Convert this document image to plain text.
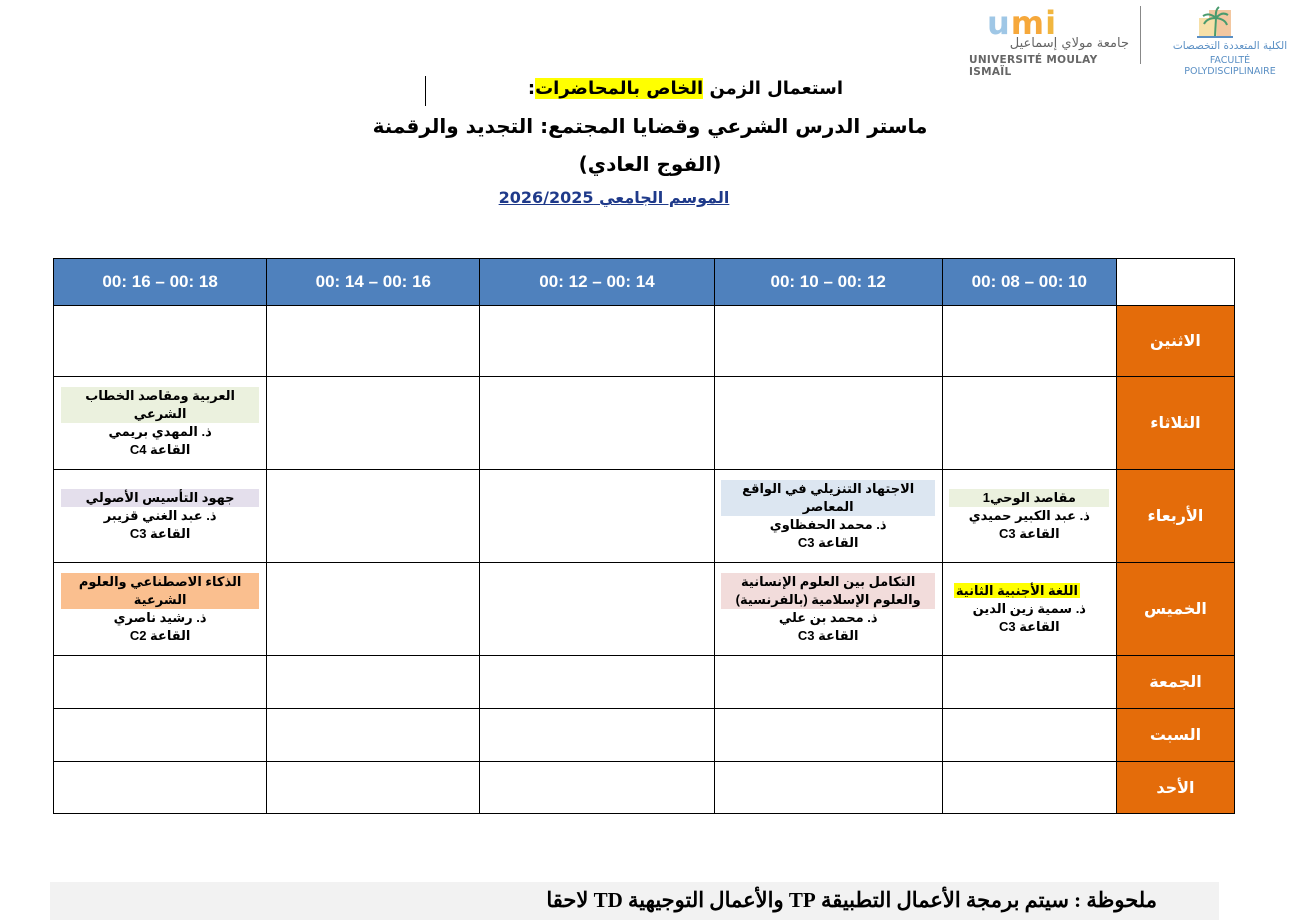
umi
جامعة مولاي إسماعيل
UNIVERSITÉ MOULAY ISMAÏL
الكلية المتعددة التخصصات
FACULTÉ POLYDISCIPLINAIRE
استعمال الزمن الخاص بالمحاضرات:
ماستر الدرس الشرعي وقضايا المجتمع: التجديد والرقمنة
(الفوج العادي)
الموسم الجامعي 2026/2025
	10 :00 – 08 :00	12 :00 – 10 :00	14 :00 – 12 :00	16 :00 – 14 :00	18 :00 – 16 :00
الاثنين					
الثلاثاء					العربية ومقاصد الخطاب الشرعي
ذ. المهدي بريمي
القاعة C4

الأربعاء	مقاصد الوحي1
ذ. عبد الكبير حميدي
القاعة C3	الاجتهاد التنزيلي في الواقع المعاصر
ذ. محمد الحفظاوي
القاعة C3			جهود التأسيس الأصولي
ذ. عبد الغني قزيبر
القاعة C3

الخميس	اللغة الأجنبية الثانية
ذ. سمية زين الدين
القاعة C3	التكامل بين العلوم الإنسانية والعلوم الإسلامية (بالفرنسية)
ذ. محمد بن علي
القاعة C3			الذكاء الاصطناعي والعلوم الشرعية
ذ. رشيد ناصري
القاعة C2

الجمعة					
السبت					
الأحد					
ملحوظة : سيتم برمجة الأعمال التطبيقة TP والأعمال التوجيهية TD لاحقا
